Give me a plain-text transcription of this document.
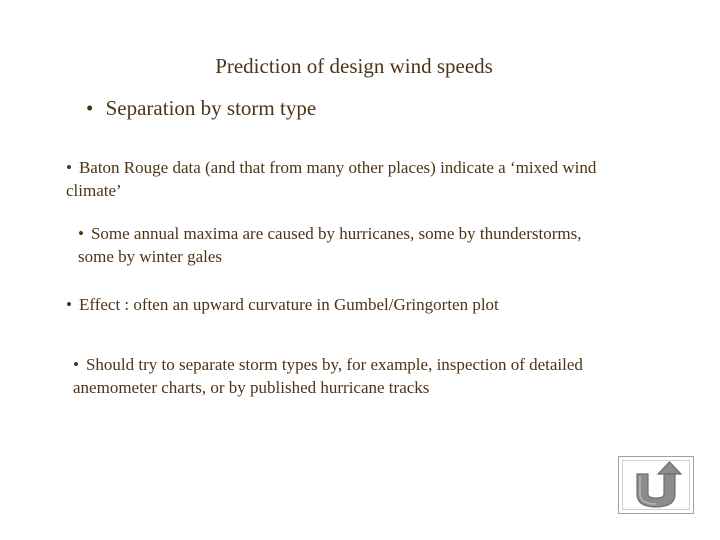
Prediction of design wind speeds
• Separation by storm type
• Baton Rouge data (and that from many other places) indicate a ‘mixed wind climate’
• Some annual maxima are caused by hurricanes, some by thunderstorms, some by winter gales
• Effect : often an upward curvature in Gumbel/Gringorten plot
• Should try to separate storm types by, for example, inspection of detailed anemometer charts, or by published hurricane tracks
